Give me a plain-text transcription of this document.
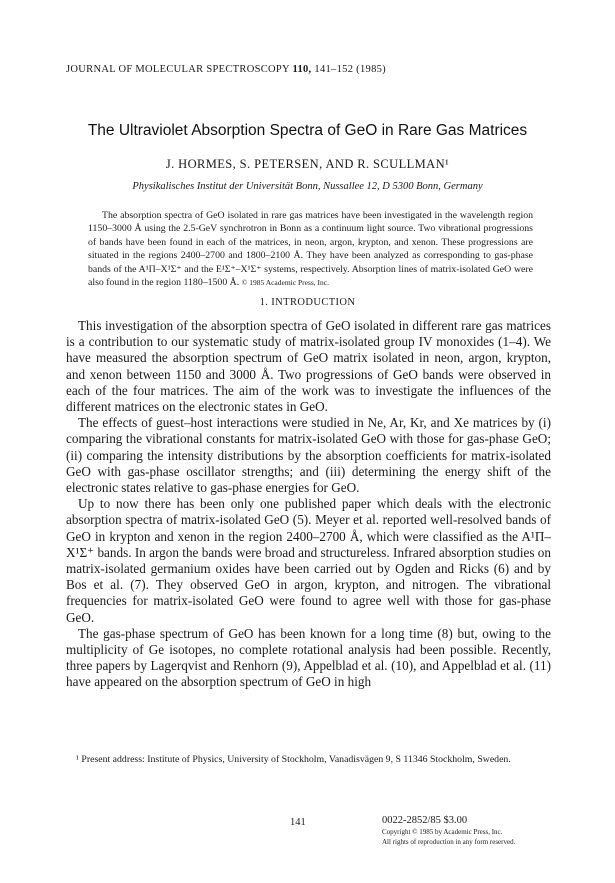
JOURNAL OF MOLECULAR SPECTROSCOPY 110, 141–152 (1985)
The Ultraviolet Absorption Spectra of GeO in Rare Gas Matrices
J. HORMES, S. PETERSEN, AND R. SCULLMAN¹
Physikalisches Institut der Universität Bonn, Nussallee 12, D 5300 Bonn, Germany
The absorption spectra of GeO isolated in rare gas matrices have been investigated in the wavelength region 1150–3000 Å using the 2.5-GeV synchrotron in Bonn as a continuum light source. Two vibrational progressions of bands have been found in each of the matrices, in neon, argon, krypton, and xenon. These progressions are situated in the regions 2400–2700 and 1800–2100 Å. They have been analyzed as corresponding to gas-phase bands of the A¹Π–X¹Σ⁺ and the E¹Σ⁺–X¹Σ⁺ systems, respectively. Absorption lines of matrix-isolated GeO were also found in the region 1180–1500 Å. © 1985 Academic Press, Inc.
1. INTRODUCTION

This investigation of the absorption spectra of GeO isolated in different rare gas matrices is a contribution to our systematic study of matrix-isolated group IV monoxides (1–4). We have measured the absorption spectrum of GeO matrix isolated in neon, argon, krypton, and xenon between 1150 and 3000 Å. Two progressions of GeO bands were observed in each of the four matrices. The aim of the work was to investigate the influences of the different matrices on the electronic states in GeO.

The effects of guest–host interactions were studied in Ne, Ar, Kr, and Xe matrices by (i) comparing the vibrational constants for matrix-isolated GeO with those for gas-phase GeO; (ii) comparing the intensity distributions by the absorption coefficients for matrix-isolated GeO with gas-phase oscillator strengths; and (iii) determining the energy shift of the electronic states relative to gas-phase energies for GeO.

Up to now there has been only one published paper which deals with the electronic absorption spectra of matrix-isolated GeO (5). Meyer et al. reported well-resolved bands of GeO in krypton and xenon in the region 2400–2700 Å, which were classified as the A¹Π–X¹Σ⁺ bands. In argon the bands were broad and structureless. Infrared absorption studies on matrix-isolated germanium oxides have been carried out by Ogden and Ricks (6) and by Bos et al. (7). They observed GeO in argon, krypton, and nitrogen. The vibrational frequencies for matrix-isolated GeO were found to agree well with those for gas-phase GeO.

The gas-phase spectrum of GeO has been known for a long time (8) but, owing to the multiplicity of Ge isotopes, no complete rotational analysis had been possible. Recently, three papers by Lagerqvist and Renhorn (9), Appelblad et al. (10), and Appelblad et al. (11) have appeared on the absorption spectrum of GeO in high

¹ Present address: Institute of Physics, University of Stockholm, Vanadisvägen 9, S 11346 Stockholm, Sweden.
141	0022-2852/85 $3.00
Copyright © 1985 by Academic Press, Inc.
All rights of reproduction in any form reserved.
